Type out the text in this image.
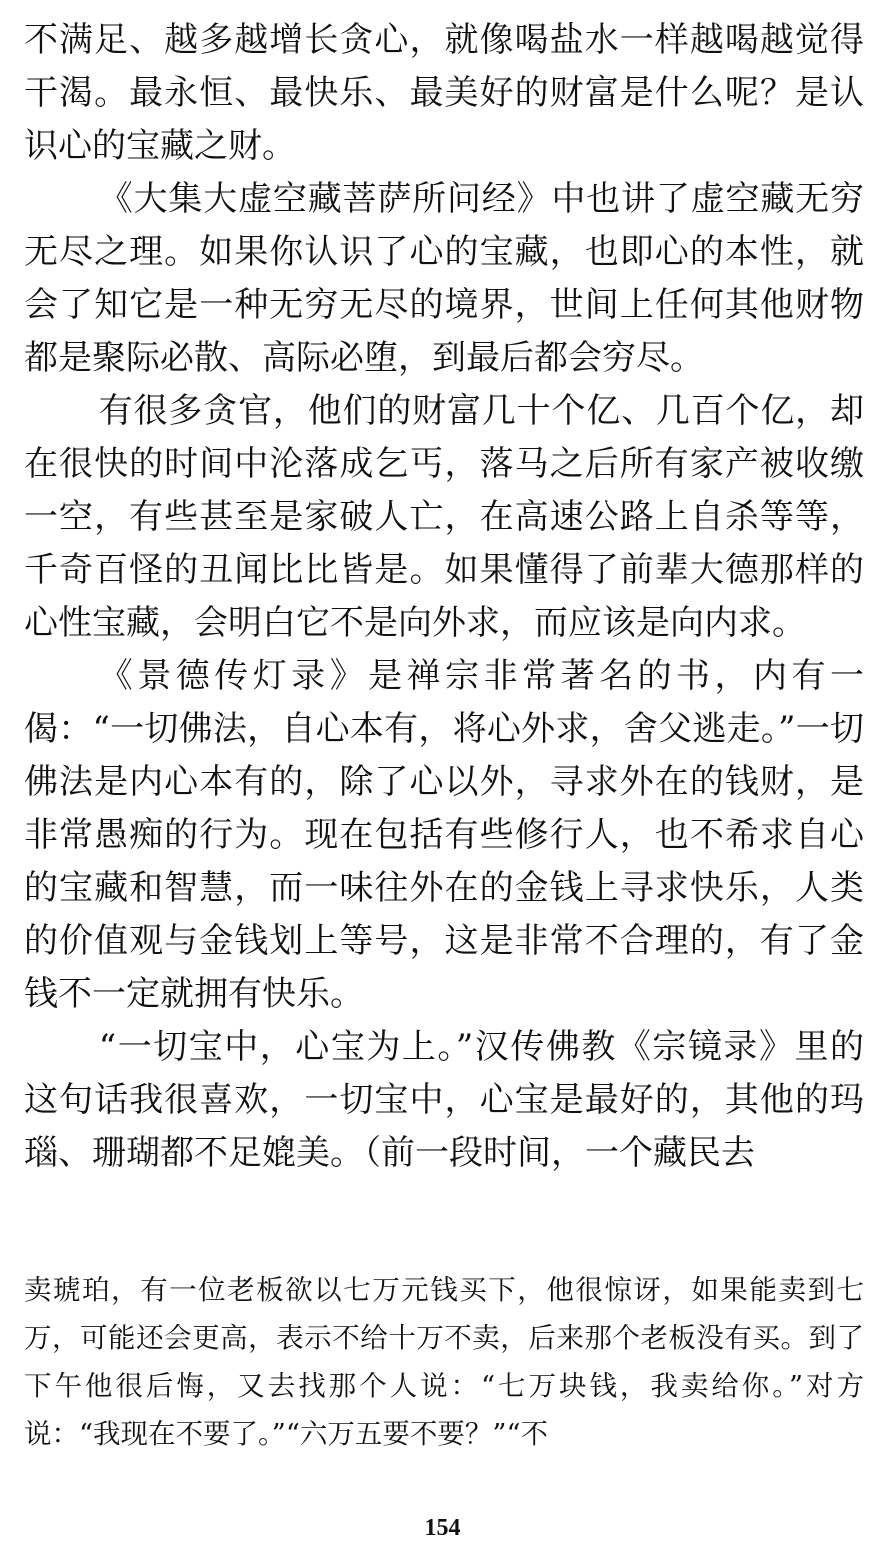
不满足、越多越增长贪心，就像喝盐水一样越喝越觉得干渴。最永恒、最快乐、最美好的财富是什么呢？是认识心的宝藏之财。

《大集大虚空藏菩萨所问经》中也讲了虚空藏无穷无尽之理。如果你认识了心的宝藏，也即心的本性，就会了知它是一种无穷无尽的境界，世间上任何其他财物都是聚际必散、高际必堕，到最后都会穷尽。

有很多贪官，他们的财富几十个亿、几百个亿，却在很快的时间中沦落成乞丐，落马之后所有家产被收缴一空，有些甚至是家破人亡，在高速公路上自杀等等，千奇百怪的丑闻比比皆是。如果懂得了前辈大德那样的心性宝藏，会明白它不是向外求，而应该是向内求。

《景德传灯录》是禅宗非常著名的书，内有一偈：“一切佛法，自心本有，将心外求，舍父逃走。”一切佛法是内心本有的，除了心以外，寻求外在的钱财，是非常愚痴的行为。现在包括有些修行人，也不希求自心的宝藏和智慧，而一味往外在的金钱上寻求快乐，人类的价值观与金钱划上等号，这是非常不合理的，有了金钱不一定就拥有快乐。

“一切宝中，心宝为上。”汉传佛教《宗镜录》里的这句话我很喜欢，一切宝中，心宝是最好的，其他的玛瑙、珊瑚都不足媲美。（前一段时间，一个藏民去

卖琥珀，有一位老板欲以七万元钱买下，他很惊讶，如果能卖到七万，可能还会更高，表示不给十万不卖，后来那个老板没有买。到了下午他很后悔，又去找那个人说：“七万块钱，我卖给你。”对方说：“我现在不要了。”“六万五要不要？”“不
154
